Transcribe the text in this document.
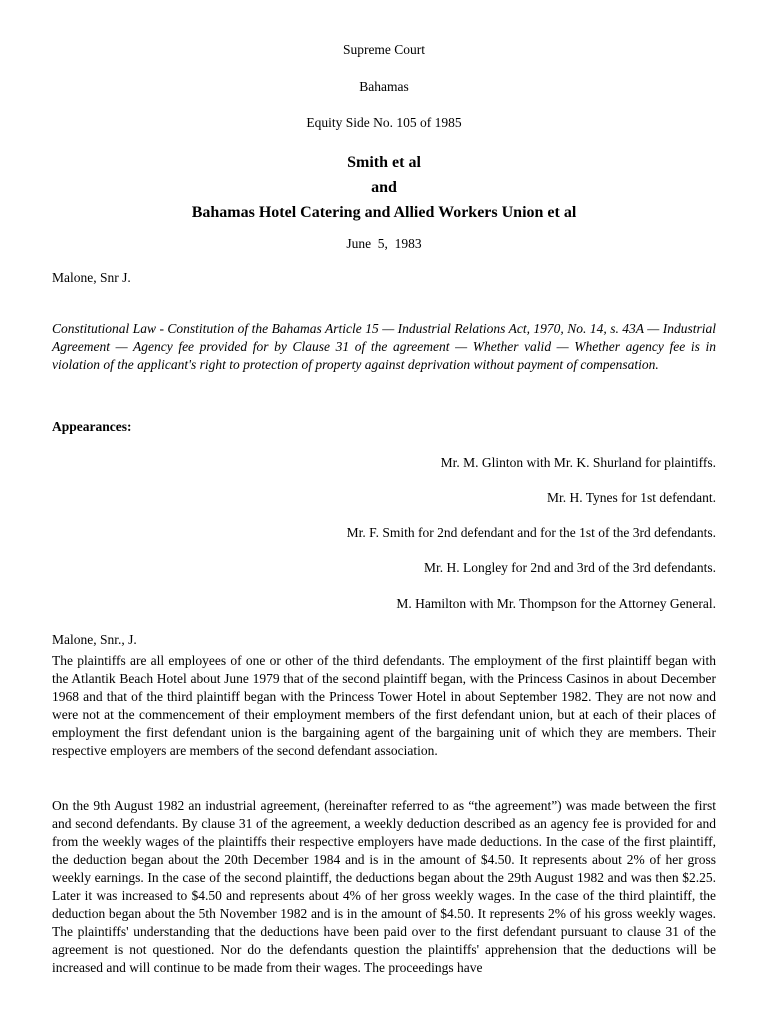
Supreme Court
Bahamas
Equity Side No. 105 of 1985
Smith et al
and
Bahamas Hotel Catering and Allied Workers Union et al
June  5,  1983
Malone, Snr J.
Constitutional Law - Constitution of the Bahamas Article 15 — Industrial Relations Act, 1970, No. 14, s. 43A — Industrial Agreement — Agency fee provided for by Clause 31 of the agreement — Whether valid — Whether agency fee is in violation of the applicant's right to protection of property against deprivation without payment of compensation.
Appearances:
Mr. M. Glinton with Mr. K. Shurland for plaintiffs.
Mr. H. Tynes for 1st defendant.
Mr. F. Smith for 2nd defendant and for the 1st of the 3rd defendants.
Mr. H. Longley for 2nd and 3rd of the 3rd defendants.
M. Hamilton with Mr. Thompson for the Attorney General.
Malone, Snr., J.
The plaintiffs are all employees of one or other of the third defendants. The employment of the first plaintiff began with the Atlantik Beach Hotel about June 1979 that of the second plaintiff began, with the Princess Casinos in about December 1968 and that of the third plaintiff began with the Princess Tower Hotel in about September 1982. They are not now and were not at the commencement of their employment members of the first defendant union, but at each of their places of employment the first defendant union is the bargaining agent of the bargaining unit of which they are members. Their respective employers are members of the second defendant association.
On the 9th August 1982 an industrial agreement, (hereinafter referred to as “the agreement”) was made between the first and second defendants. By clause 31 of the agreement, a weekly deduction described as an agency fee is provided for and from the weekly wages of the plaintiffs their respective employers have made deductions. In the case of the first plaintiff, the deduction began about the 20th December 1984 and is in the amount of $4.50. It represents about 2% of her gross weekly earnings. In the case of the second plaintiff, the deductions began about the 29th August 1982 and was then $2.25. Later it was increased to $4.50 and represents about 4% of her gross weekly wages. In the case of the third plaintiff, the deduction began about the 5th November 1982 and is in the amount of $4.50. It represents 2% of his gross weekly wages. The plaintiffs' understanding that the deductions have been paid over to the first defendant pursuant to clause 31 of the agreement is not questioned. Nor do the defendants question the plaintiffs' apprehension that the deductions will be increased and will continue to be made from their wages. The proceedings have
